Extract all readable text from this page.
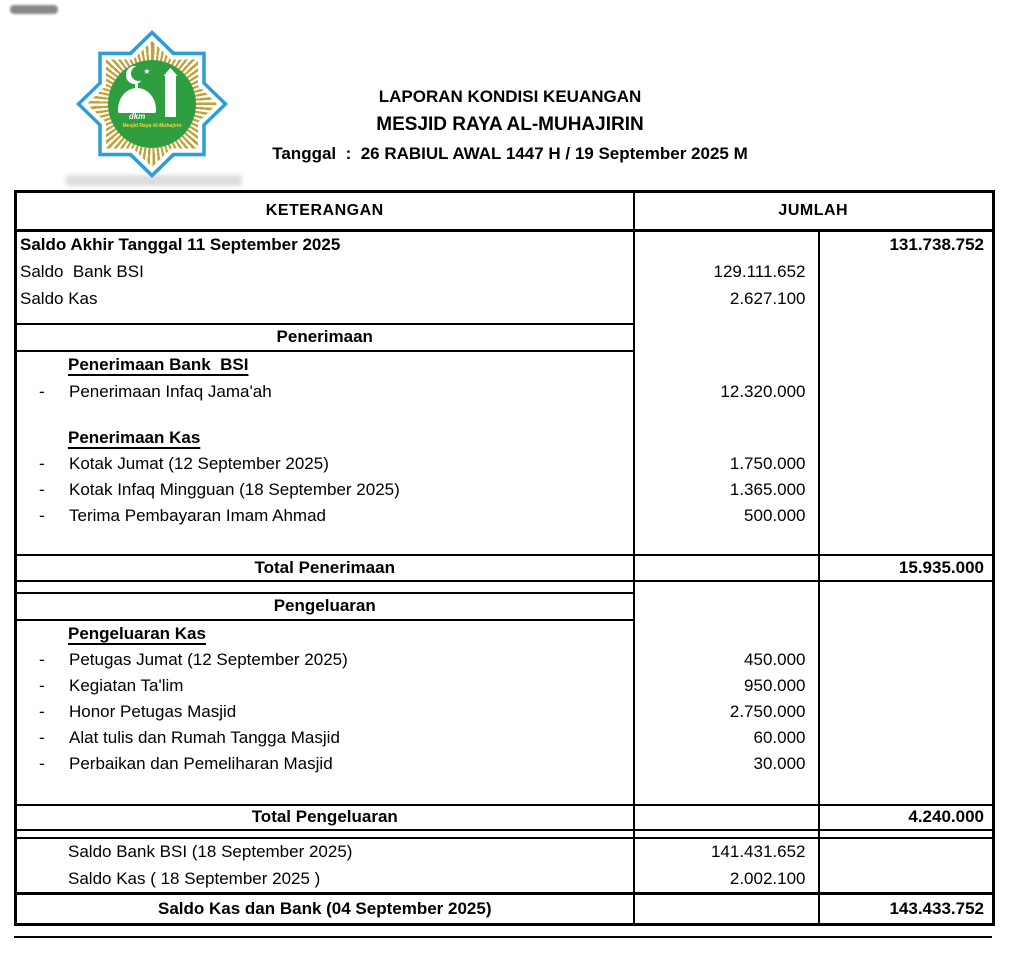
★
dkm
Mesjid Raya Al-Muhajirin
LAPORAN KONDISI KEUANGAN
MESJID RAYA AL-MUHAJIRIN
Tanggal  :  26 RABIUL AWAL 1447 H / 19 September 2025 M
KETERANGAN	JUMLAH	
Saldo Akhir Tanggal 11 September 2025		131.738.752
Saldo  Bank BSI	129.111.652	
Saldo Kas	2.627.100	

Penerimaan		
Penerimaan Bank  BSI		
- Penerimaan Infaq Jama'ah	12.320.000	

Penerimaan Kas		
- Kotak Jumat (12 September 2025)	1.750.000	
- Kotak Infaq Mingguan (18 September 2025)	1.365.000	
- Terima Pembayaran Imam Ahmad	500.000	

Total Penerimaan		15.935.000

Pengeluaran		
Pengeluaran Kas		
- Petugas Jumat (12 September 2025)	450.000	
- Kegiatan Ta'lim	950.000	
- Honor Petugas Masjid	2.750.000	
- Alat tulis dan Rumah Tangga Masjid	60.000	
- Perbaikan dan Pemeliharan Masjid	30.000	

Total Pengeluaran		4.240.000

Saldo Bank BSI (18 September 2025)	141.431.652	
Saldo Kas ( 18 September 2025 )	2.002.100	
Saldo Kas dan Bank (04 September 2025)		143.433.752
